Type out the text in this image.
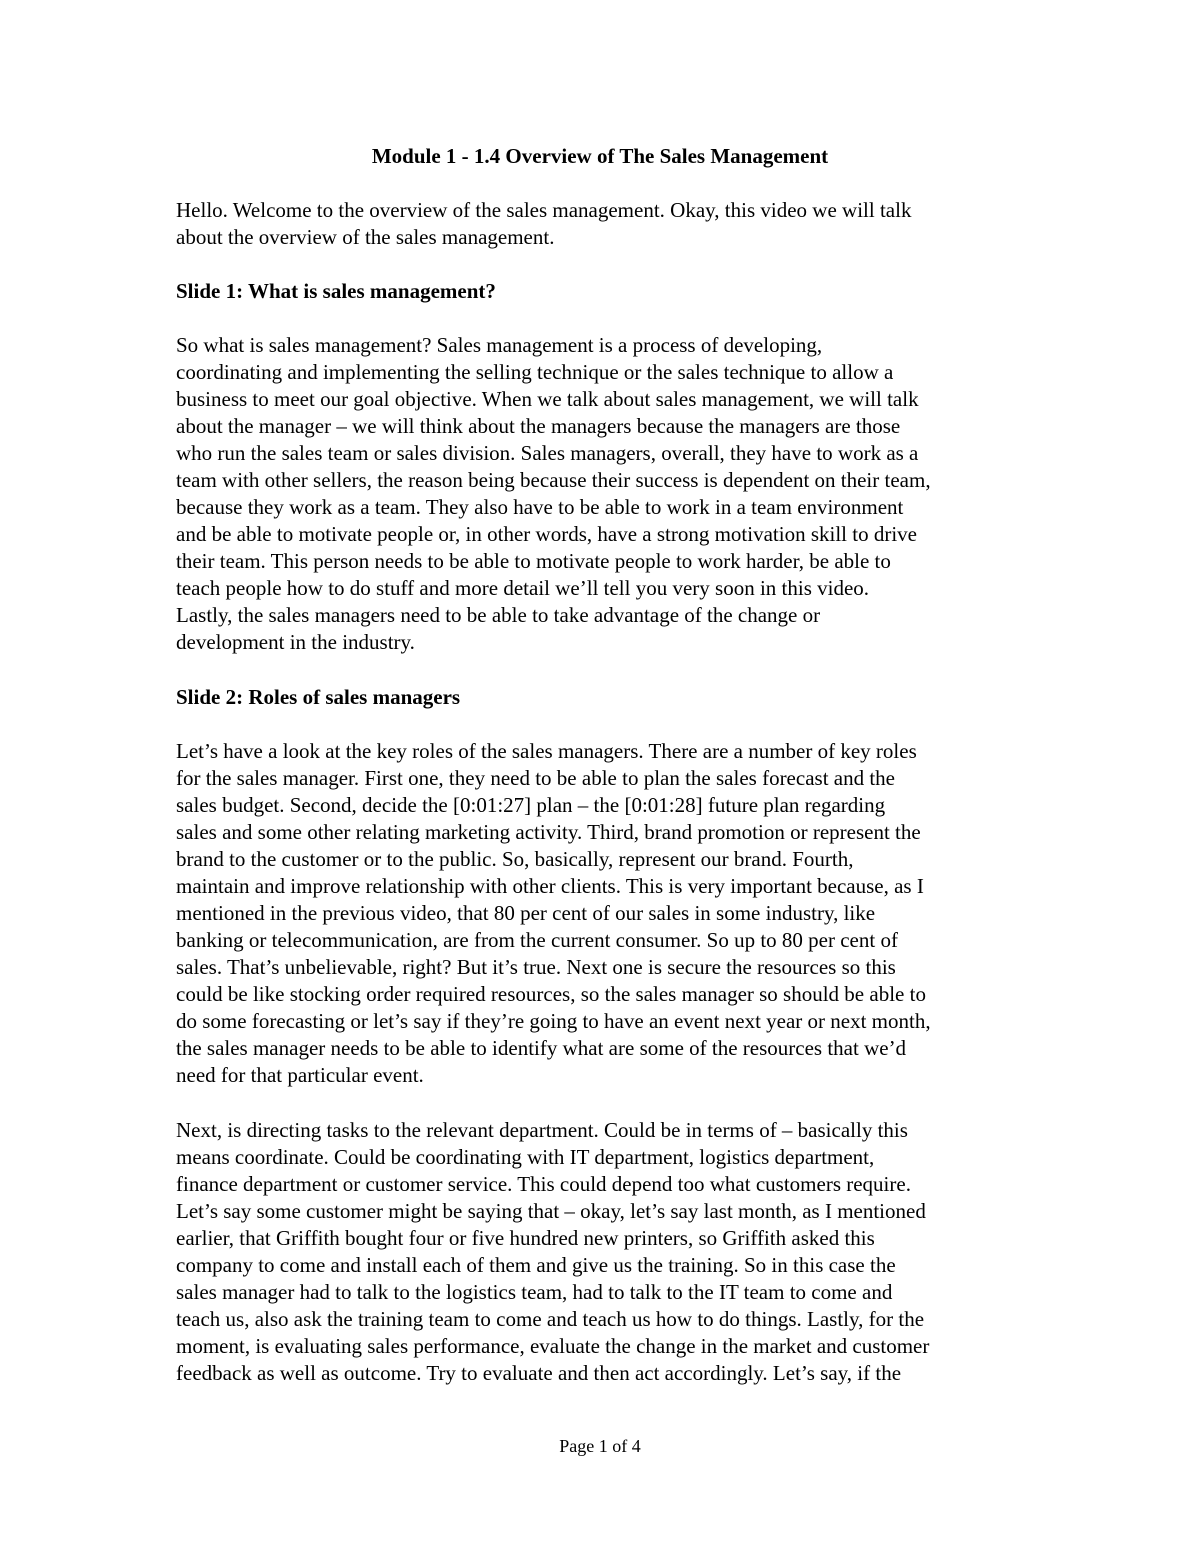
Module 1 - 1.4 Overview of The Sales Management

Hello. Welcome to the overview of the sales management. Okay, this video we will talk
about the overview of the sales management.

Slide 1: What is sales management?

So what is sales management? Sales management is a process of developing,
coordinating and implementing the selling technique or the sales technique to allow a
business to meet our goal objective. When we talk about sales management, we will talk
about the manager – we will think about the managers because the managers are those
who run the sales team or sales division. Sales managers, overall, they have to work as a
team with other sellers, the reason being because their success is dependent on their team,
because they work as a team. They also have to be able to work in a team environment
and be able to motivate people or, in other words, have a strong motivation skill to drive
their team. This person needs to be able to motivate people to work harder, be able to
teach people how to do stuff and more detail we’ll tell you very soon in this video.
Lastly, the sales managers need to be able to take advantage of the change or
development in the industry.

Slide 2: Roles of sales managers

Let’s have a look at the key roles of the sales managers. There are a number of key roles
for the sales manager. First one, they need to be able to plan the sales forecast and the
sales budget. Second, decide the [0:01:27] plan – the [0:01:28] future plan regarding
sales and some other relating marketing activity. Third, brand promotion or represent the
brand to the customer or to the public. So, basically, represent our brand. Fourth,
maintain and improve relationship with other clients. This is very important because, as I
mentioned in the previous video, that 80 per cent of our sales in some industry, like
banking or telecommunication, are from the current consumer. So up to 80 per cent of
sales. That’s unbelievable, right? But it’s true. Next one is secure the resources so this
could be like stocking order required resources, so the sales manager so should be able to
do some forecasting or let’s say if they’re going to have an event next year or next month,
the sales manager needs to be able to identify what are some of the resources that we’d
need for that particular event.

Next, is directing tasks to the relevant department. Could be in terms of – basically this
means coordinate. Could be coordinating with IT department, logistics department,
finance department or customer service. This could depend too what customers require.
Let’s say some customer might be saying that – okay, let’s say last month, as I mentioned
earlier, that Griffith bought four or five hundred new printers, so Griffith asked this
company to come and install each of them and give us the training. So in this case the
sales manager had to talk to the logistics team, had to talk to the IT team to come and
teach us, also ask the training team to come and teach us how to do things. Lastly, for the
moment, is evaluating sales performance, evaluate the change in the market and customer
feedback as well as outcome. Try to evaluate and then act accordingly. Let’s say, if the

Page 1 of 4
